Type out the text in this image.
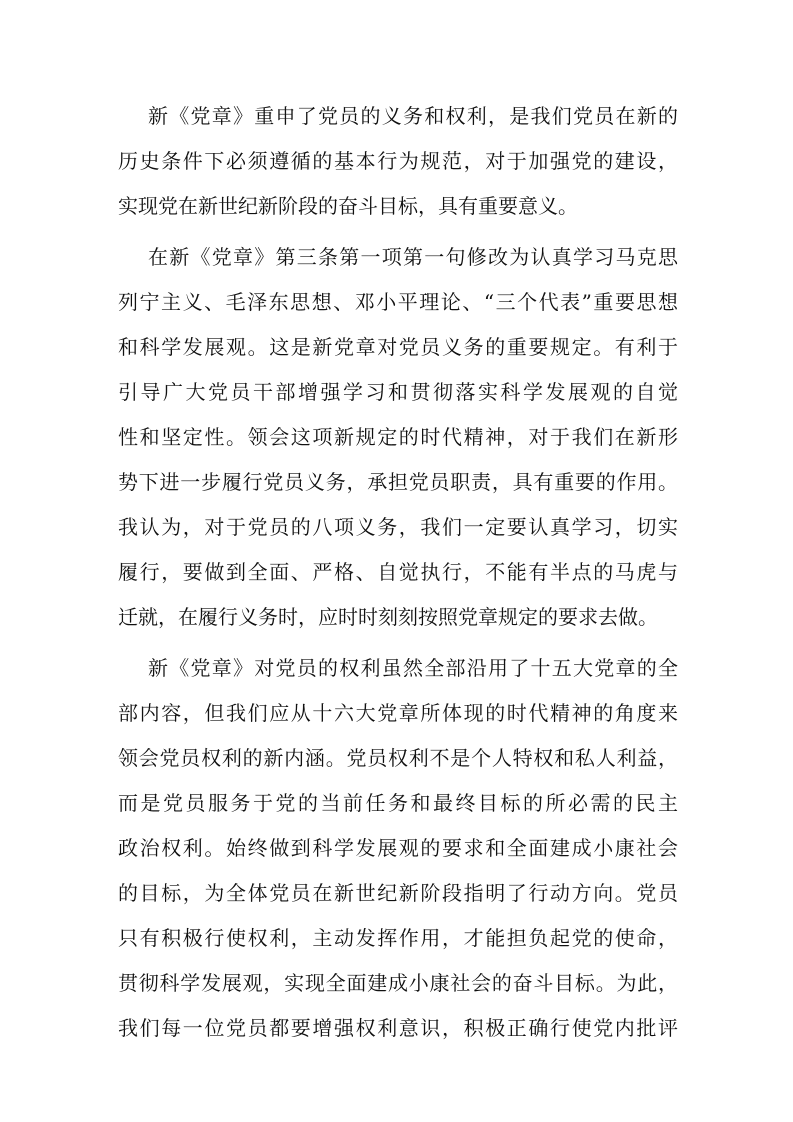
新《党章》重申了党员的义务和权利，是我们党员在新的
历史条件下必须遵循的基本行为规范，对于加强党的建设，
实现党在新世纪新阶段的奋斗目标，具有重要意义。
在新《党章》第三条第一项第一句修改为认真学习马克思
列宁主义、毛泽东思想、邓小平理论、“三个代表”重要思想
和科学发展观。这是新党章对党员义务的重要规定。有利于
引导广大党员干部增强学习和贯彻落实科学发展观的自觉
性和坚定性。领会这项新规定的时代精神，对于我们在新形
势下进一步履行党员义务，承担党员职责，具有重要的作用。
我认为，对于党员的八项义务，我们一定要认真学习，切实
履行，要做到全面、严格、自觉执行，不能有半点的马虎与
迁就，在履行义务时，应时时刻刻按照党章规定的要求去做。
新《党章》对党员的权利虽然全部沿用了十五大党章的全
部内容，但我们应从十六大党章所体现的时代精神的角度来
领会党员权利的新内涵。党员权利不是个人特权和私人利益，
而是党员服务于党的当前任务和最终目标的所必需的民主
政治权利。始终做到科学发展观的要求和全面建成小康社会
的目标，为全体党员在新世纪新阶段指明了行动方向。党员
只有积极行使权利，主动发挥作用，才能担负起党的使命，
贯彻科学发展观，实现全面建成小康社会的奋斗目标。为此，
我们每一位党员都要增强权利意识，积极正确行使党内批评
